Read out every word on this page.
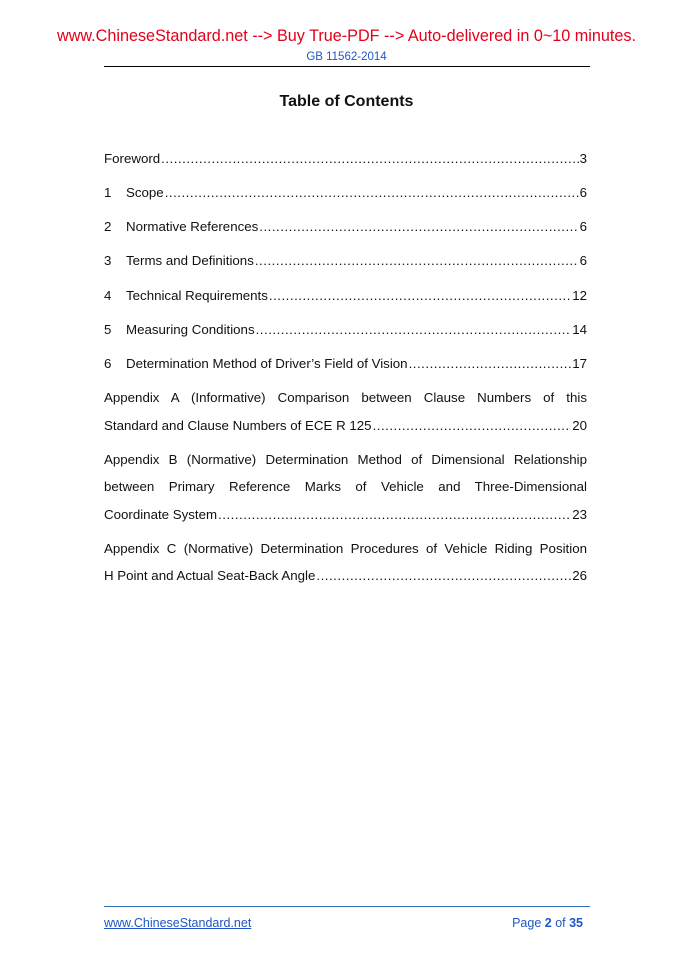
www.ChineseStandard.net --> Buy True-PDF --> Auto-delivered in 0~10 minutes.
GB 11562-2014
Table of Contents
Foreword .....	3
1	Scope .....	6
2	Normative References .....	6
3	Terms and Definitions .....	6
4	Technical Requirements .....	12
5	Measuring Conditions .....	14
6	Determination Method of Driver’s Field of Vision .....	17
Appendix A (Informative) Comparison between Clause Numbers of this
Standard and Clause Numbers of ECE R 125 .....	20
Appendix B (Normative) Determination Method of Dimensional Relationship
between Primary Reference Marks of Vehicle and Three-Dimensional
Coordinate System .....	23
Appendix C (Normative) Determination Procedures of Vehicle Riding Position
H Point and Actual Seat-Back Angle .....	26
www.ChineseStandard.net	Page 2 of 35
